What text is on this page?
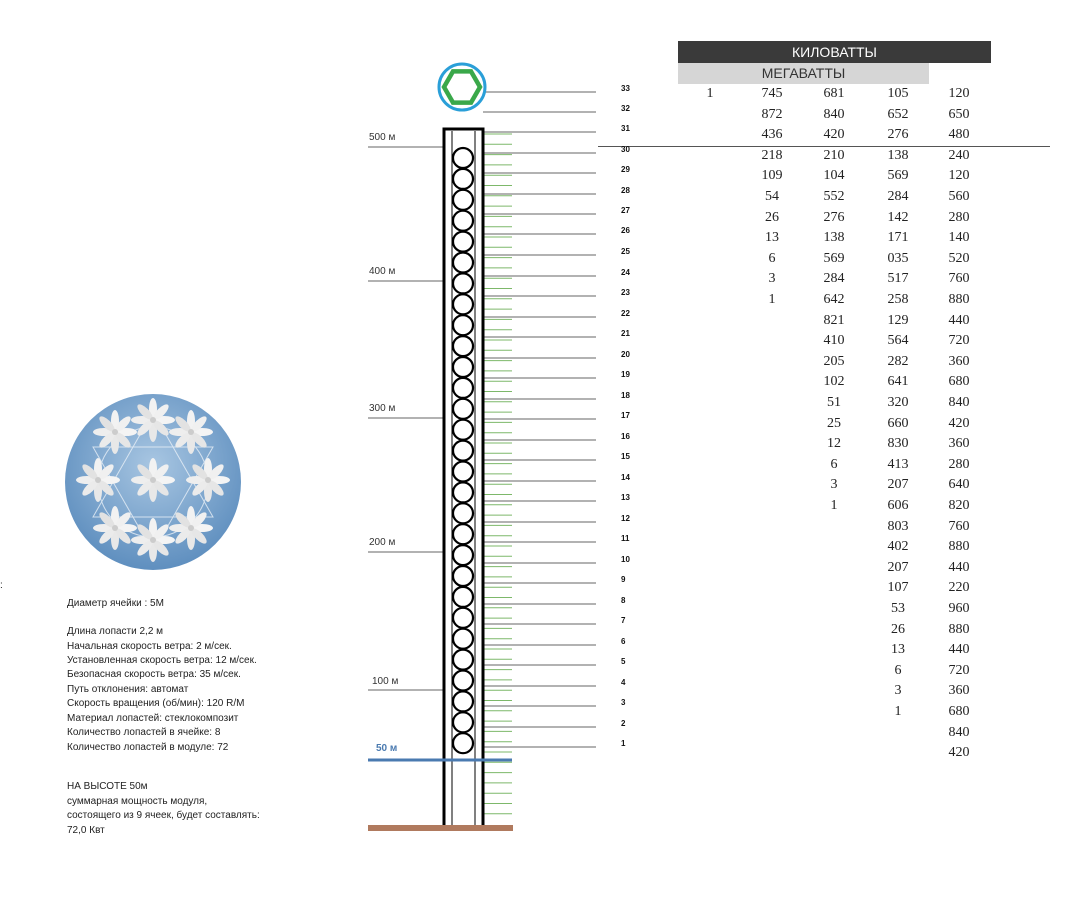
КИЛОВАТТЫ
МЕГАВАТТЫ
33
32
31
30
29
28
27
26
25
24
23
22
21
20
19
18
17
16
15
14
13
12
11
10
9
8
7
6
5
4
3
2
1
500 м
400 м
300 м
200 м
100 м
50 м
1	745
872
436
218
109
54
26
13
6
3
1
681
840
420
210
104
552
276
138
569
284
642
821
410
205
102
51
25
12
6
3
1
105
652
276
138
569
284
142
171
035
517
258
129
564
282
641
320
660
830
413
207
606
803
402
207
107
53
26
13
6
3
1
120
650
480
240
120
560
280
140
520
760
880
440
720
360
680
840
420
360
280
640
820
760
880
440
220
960
880
440
720
360
680
840
420
Диаметр ячейки : 5М
Длина лопасти 2,2 м
Начальная скорость ветра: 2 м/сек.
Установленная скорость ветра: 12 м/сек.
Безопасная скорость ветра: 35 м/сек.
Путь отклонения: автомат
Скорость вращения (об/мин): 120 R/M
Материал лопастей: стеклокомпозит
Количество лопастей в ячейке: 8
Количество лопастей в модуле: 72
НА ВЫСОТЕ 50м
суммарная мощность модуля,
состоящего из 9 ячеек, будет составлять:
72,0 Квт
:
